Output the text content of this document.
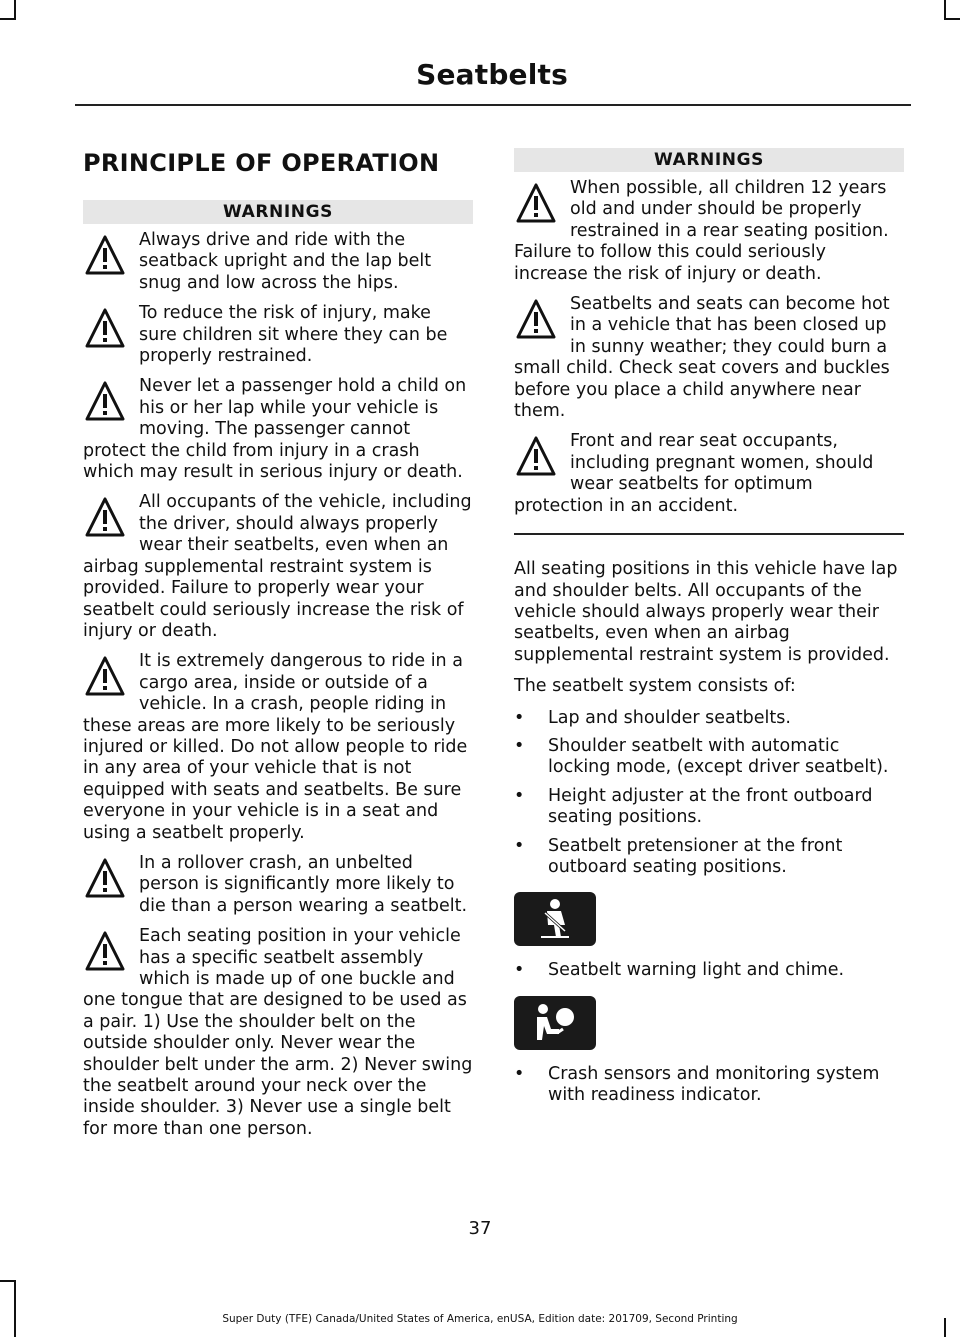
Seatbelts
PRINCIPLE OF OPERATION
WARNINGS
Always drive and ride with the seatback upright and the lap belt snug and low across the hips.
To reduce the risk of injury, make sure children sit where they can be properly restrained.
Never let a passenger hold a child on his or her lap while your vehicle is moving. The passenger cannot protect the child from injury in a crash which may result in serious injury or death.
All occupants of the vehicle, including the driver, should always properly wear their seatbelts, even when an airbag supplemental restraint system is provided. Failure to properly wear your seatbelt could seriously increase the risk of injury or death.
It is extremely dangerous to ride in a cargo area, inside or outside of a vehicle. In a crash, people riding in these areas are more likely to be seriously injured or killed. Do not allow people to ride in any area of your vehicle that is not equipped with seats and seatbelts. Be sure everyone in your vehicle is in a seat and using a seatbelt properly.
In a rollover crash, an unbelted person is significantly more likely to die than a person wearing a seatbelt.
Each seating position in your vehicle has a specific seatbelt assembly which is made up of one buckle and one tongue that are designed to be used as a pair. 1) Use the shoulder belt on the outside shoulder only. Never wear the shoulder belt under the arm. 2) Never swing the seatbelt around your neck over the inside shoulder. 3) Never use a single belt for more than one person.
WARNINGS
When possible, all children 12 years old and under should be properly restrained in a rear seating position. Failure to follow this could seriously increase the risk of injury or death.
Seatbelts and seats can become hot in a vehicle that has been closed up in sunny weather; they could burn a small child. Check seat covers and buckles before you place a child anywhere near them.
Front and rear seat occupants, including pregnant women, should wear seatbelts for optimum protection in an accident.

All seating positions in this vehicle have lap and shoulder belts. All occupants of the vehicle should always properly wear their seatbelts, even when an airbag supplemental restraint system is provided.

The seatbelt system consists of:

• Lap and shoulder seatbelts.
• Shoulder seatbelt with automatic locking mode, (except driver seatbelt).
• Height adjuster at the front outboard seating positions.
• Seatbelt pretensioner at the front outboard seating positions.
• Seatbelt warning light and chime.
• Crash sensors and monitoring system with readiness indicator.
37
Super Duty (TFE) Canada/United States of America, enUSA, Edition date: 201709, Second Printing
